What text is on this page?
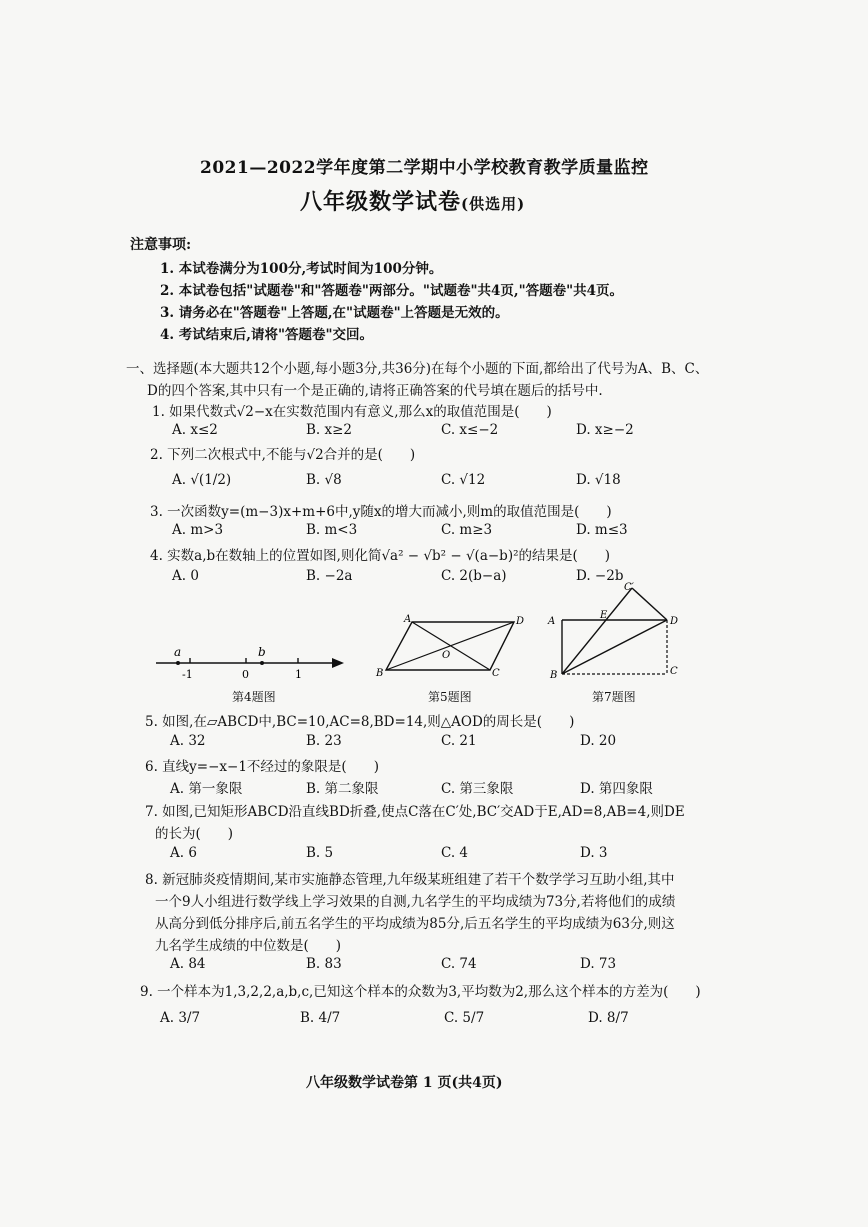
2021—2022学年度第二学期中小学校教育教学质量监控
八年级数学试卷(供选用)
注意事项:
1. 本试卷满分为100分,考试时间为100分钟。
2. 本试卷包括"试题卷"和"答题卷"两部分。"试题卷"共4页,"答题卷"共4页。
3. 请务必在"答题卷"上答题,在"试题卷"上答题是无效的。
4. 考试结束后,请将"答题卷"交回。
一、选择题(本大题共12个小题,每小题3分,共36分)在每个小题的下面,都给出了代号为A、B、C、
D的四个答案,其中只有一个是正确的,请将正确答案的代号填在题后的括号中.
1. 如果代数式√2−x在实数范围内有意义,那么x的取值范围是(　　)
A. x≤2	B. x≥2	C. x≤−2	D. x≥−2
2. 下列二次根式中,不能与√2合并的是(　　)
A. √(1/2)	B. √8	C. √12	D. √18
3. 一次函数y=(m−3)x+m+6中,y随x的增大而减小,则m的取值范围是(　　)
A. m>3	B. m<3	C. m≥3	D. m≤3
4. 实数a,b在数轴上的位置如图,则化简√a² − √b² − √(a−b)²的结果是(　　)
A. 0	B. −2a	C. 2(b−a)	D. −2b
a	b
-1	0	1
第4题图
A	D
O
B	C
第5题图
C′
A
E
D
B	C
第7题图
5. 如图,在▱ABCD中,BC=10,AC=8,BD=14,则△AOD的周长是(　　)
A. 32	B. 23	C. 21	D. 20
6. 直线y=−x−1不经过的象限是(　　)
A. 第一象限	B. 第二象限	C. 第三象限	D. 第四象限
7. 如图,已知矩形ABCD沿直线BD折叠,使点C落在C′处,BC′交AD于E,AD=8,AB=4,则DE
的长为(　　)
A. 6	B. 5	C. 4	D. 3
8. 新冠肺炎疫情期间,某市实施静态管理,九年级某班组建了若干个数学学习互助小组,其中
一个9人小组进行数学线上学习效果的自测,九名学生的平均成绩为73分,若将他们的成绩
从高分到低分排序后,前五名学生的平均成绩为85分,后五名学生的平均成绩为63分,则这
九名学生成绩的中位数是(　　)
A. 84	B. 83	C. 74	D. 73
9. 一个样本为1,3,2,2,a,b,c,已知这个样本的众数为3,平均数为2,那么这个样本的方差为(　　)
A. 3/7	B. 4/7	C. 5/7	D. 8/7
八年级数学试卷第 1 页(共4页)
